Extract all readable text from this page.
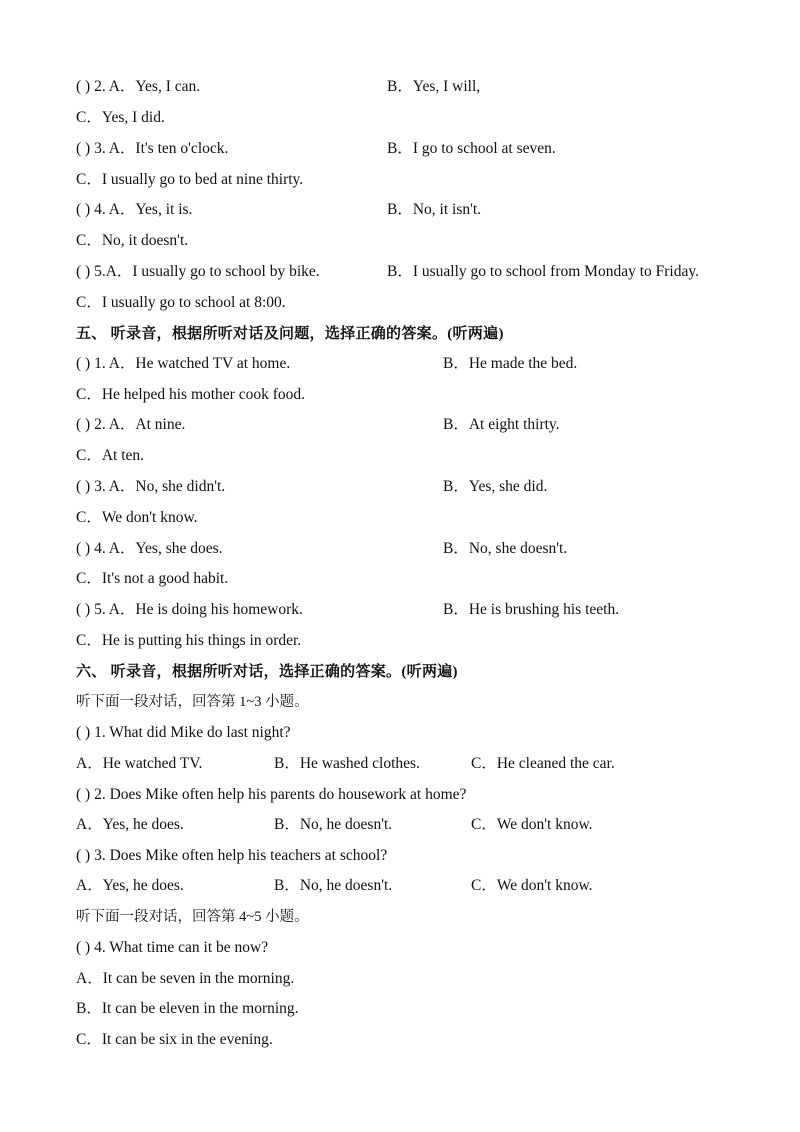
( ) 2. A．Yes, I can.	B．Yes, I will,
C．Yes, I did.
( ) 3. A．It's ten o'clock.	B．I go to school at seven.
C．I usually go to bed at nine thirty.
( ) 4. A．Yes, it is.	B．No, it isn't.
C．No, it doesn't.
( ) 5.A．I usually go to school by bike.	B．I usually go to school from Monday to Friday.
C．I usually go to school at 8:00.
五、 听录音，根据所听对话及问题，选择正确的答案。(听两遍)
( ) 1. A．He watched TV at home.	B．He made the bed.
C．He helped his mother cook food.
( ) 2. A．At nine.	B．At eight thirty.
C．At ten.
( ) 3. A．No, she didn't.	B．Yes, she did.
C．We don't know.
( ) 4. A．Yes, she does.	B．No, she doesn't.
C．It's not a good habit.
( ) 5. A．He is doing his homework.	B．He is brushing his teeth.
C．He is putting his things in order.
六、 听录音，根据所听对话，选择正确的答案。(听两遍)
听下面一段对话，回答第 1~3 小题。
( ) 1. What did Mike do last night?
A．He watched TV.	B．He washed clothes.	C．He cleaned the car.
( ) 2. Does Mike often help his parents do housework at home?
A．Yes, he does.	B．No, he doesn't.	C．We don't know.
( ) 3. Does Mike often help his teachers at school?
A．Yes, he does.	B．No, he doesn't.	C．We don't know.
听下面一段对话，回答第 4~5 小题。
( ) 4. What time can it be now?
A．It can be seven in the morning.
B．It can be eleven in the morning.
C．It can be six in the evening.
